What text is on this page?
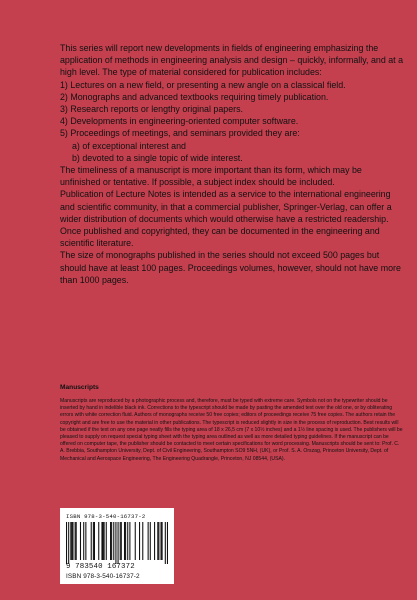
This series will report new developments in fields of engineering emphasizing the application of methods in engineering analysis and design – quickly, informally, and at a high level. The type of material considered for publication includes:

1) Lectures on a new field, or presenting a new angle on a classical field.

2) Monographs and advanced textbooks requiring timely publication.

3) Research reports or lengthy original papers.

4) Developments in engineering-oriented computer software.

5) Proceedings of meetings, and seminars provided they are:

a) of exceptional interest and

b) devoted to a single topic of wide interest.

The timeliness of a manuscript is more important than its form, which may be unfinished or tentative. If possible, a subject index should be included.

Publication of Lecture Notes is intended as a service to the international engineering and scientific community, in that a commercial publisher, Springer-Verlag, can offer a wider distribution of documents which would otherwise have a restricted readership. Once published and copyrighted, they can be documented in the engineering and scientific literature.

The size of monographs published in the series should not exceed 500 pages but should have at least 100 pages. Proceedings volumes, however, should not have more than 1000 pages.

Manuscripts

Manuscripts are reproduced by a photographic process and, therefore, must be typed with extreme care. Symbols not on the typewriter should be inserted by hand in indelible black ink. Corrections to the typescript should be made by pasting the amended text over the old one, or by obliterating errors with white correction fluid. Authors of monographs receive 50 free copies; editors of proceedings receive 75 free copies. The authors retain the copyright and are free to use the material in other publications. The typescript is reduced slightly in size in the process of reproduction. Best results will be obtained if the text on any one page neatly fills the typing area of 18 x 26,5 cm (7 x 10½ inches) and a 1½ line spacing is used. The publishers will be pleased to supply on request special typing sheet with the typing area outlined as well as more detailed typing guidelines. If the manuscript can be offered on computer tape, the publisher should be contacted to meet certain specifications for word processing. Manuscripts should be sent to: Prof. C. A. Brebbia, Southampton University, Dept. of Civil Engineering, Southampton SO9 5NH, (UK), or Prof. S. A. Orszag, Princeton University, Dept. of Mechanical and Aerospace Engineering, The Engineering Quadrangle, Princeton, NJ 08544, (USA).

ISBN 978-3-540-16737-2
9 783540 167372
ISBN 978-3-540-16737-2
